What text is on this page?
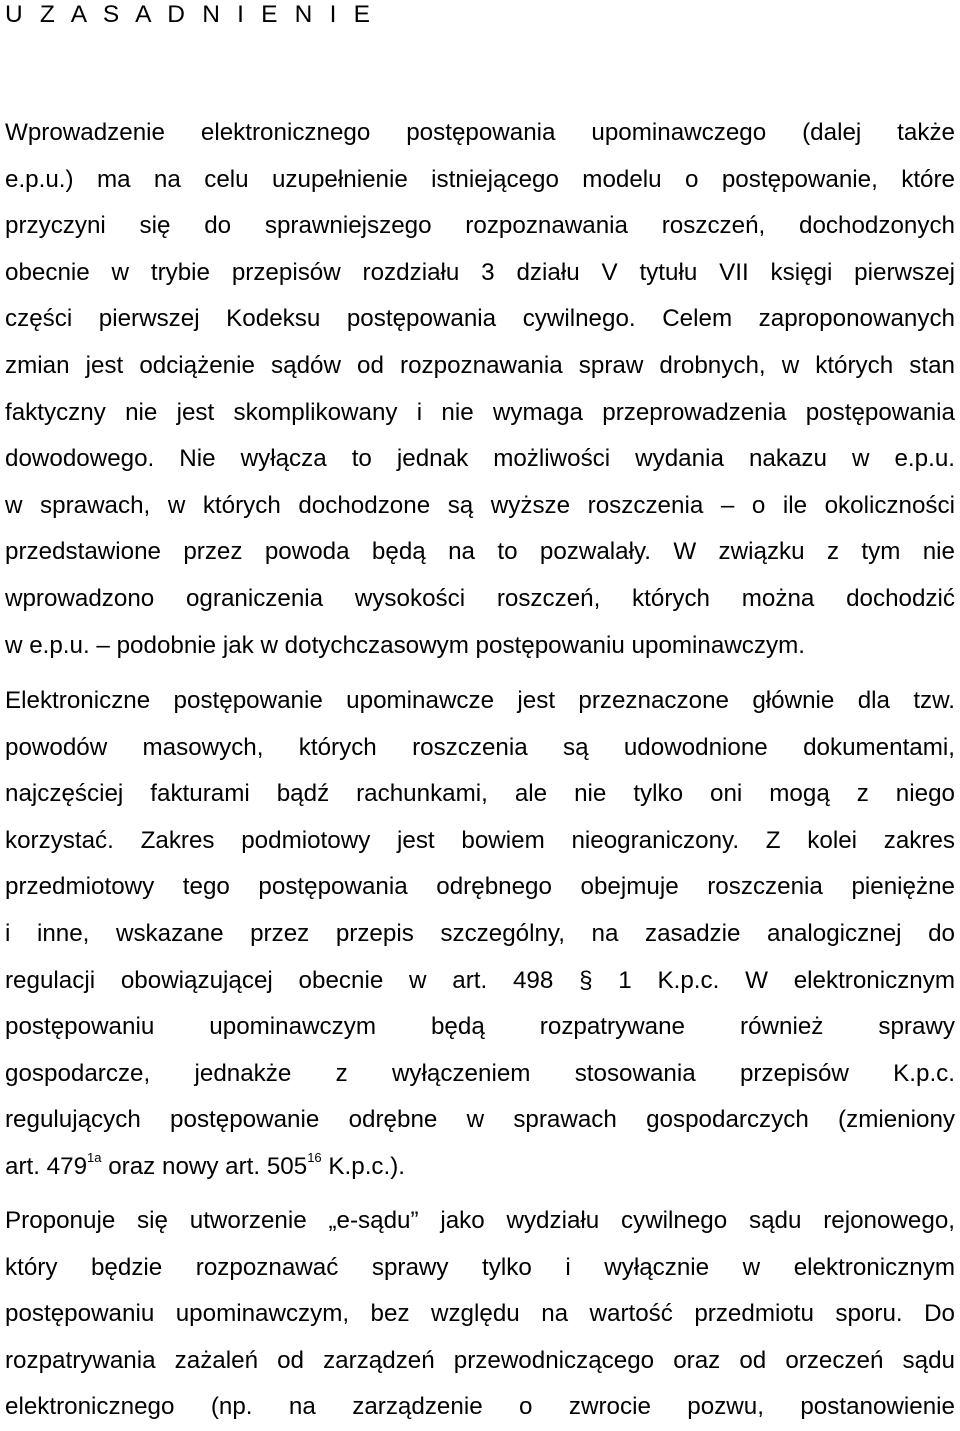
U Z A S A D N I E N I E
Wprowadzenie elektronicznego postępowania upominawczego (dalej także
e.p.u.) ma na celu uzupełnienie istniejącego modelu o postępowanie, które
przyczyni się do sprawniejszego rozpoznawania roszczeń, dochodzonych
obecnie w trybie przepisów rozdziału 3 działu V tytułu VII księgi pierwszej
części pierwszej Kodeksu postępowania cywilnego. Celem zaproponowanych
zmian jest odciążenie sądów od rozpoznawania spraw drobnych, w których stan
faktyczny nie jest skomplikowany i nie wymaga przeprowadzenia postępowania
dowodowego. Nie wyłącza to jednak możliwości wydania nakazu w e.p.u.
w sprawach, w których dochodzone są wyższe roszczenia – o ile okoliczności
przedstawione przez powoda będą na to pozwalały. W związku z tym nie
wprowadzono ograniczenia wysokości roszczeń, których można dochodzić
w e.p.u. – podobnie jak w dotychczasowym postępowaniu upominawczym.
Elektroniczne postępowanie upominawcze jest przeznaczone głównie dla tzw.
powodów masowych, których roszczenia są udowodnione dokumentami,
najczęściej fakturami bądź rachunkami, ale nie tylko oni mogą z niego
korzystać. Zakres podmiotowy jest bowiem nieograniczony. Z kolei zakres
przedmiotowy tego postępowania odrębnego obejmuje roszczenia pieniężne
i inne, wskazane przez przepis szczególny, na zasadzie analogicznej do
regulacji obowiązującej obecnie w art. 498 § 1 K.p.c. W elektronicznym
postępowaniu upominawczym będą rozpatrywane również sprawy
gospodarcze, jednakże z wyłączeniem stosowania przepisów K.p.c.
regulujących postępowanie odrębne w sprawach gospodarczych (zmieniony
art. $479^{1a}$ oraz nowy art. $505^{16}$ K.p.c.).
Proponuje się utworzenie „e-sądu” jako wydziału cywilnego sądu rejonowego,
który będzie rozpoznawać sprawy tylko i wyłącznie w elektronicznym
postępowaniu upominawczym, bez względu na wartość przedmiotu sporu. Do
rozpatrywania zażaleń od zarządzeń przewodniczącego oraz od orzeczeń sądu
elektronicznego (np. na zarządzenie o zwrocie pozwu, postanowienie
